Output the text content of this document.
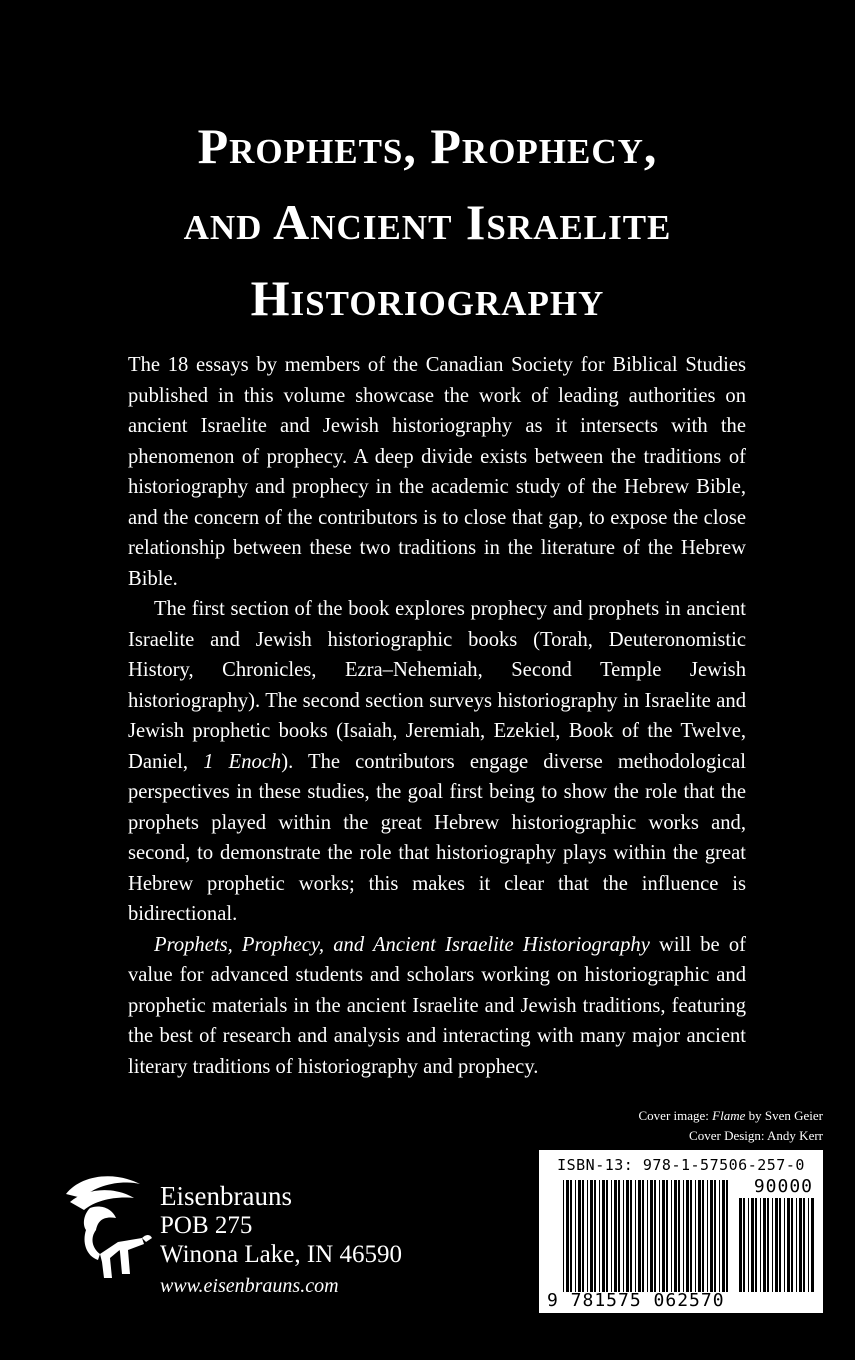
Prophets, Prophecy,
and Ancient Israelite
Historiography

The 18 essays by members of the Canadian Society for Biblical Studies published in this volume showcase the work of leading authorities on ancient Israelite and Jewish historiography as it intersects with the phenomenon of prophecy. A deep divide exists between the traditions of historiography and prophecy in the academic study of the Hebrew Bible, and the concern of the contributors is to close that gap, to expose the close relationship between these two traditions in the literature of the Hebrew Bible.

The first section of the book explores prophecy and prophets in ancient Israelite and Jewish historiographic books (Torah, Deuteronomistic History, Chronicles, Ezra–Nehemiah, Second Temple Jewish historiography). The second section surveys historiography in Israelite and Jewish prophetic books (Isaiah, Jeremiah, Ezekiel, Book of the Twelve, Daniel, 1 Enoch). The contributors engage diverse methodological perspectives in these studies, the goal first being to show the role that the prophets played within the great Hebrew historiographic works and, second, to demonstrate the role that historiography plays within the great Hebrew prophetic works; this makes it clear that the influence is bidirectional.

Prophets, Prophecy, and Ancient Israelite Historiography will be of value for advanced students and scholars working on historiographic and prophetic materials in the ancient Israelite and Jewish traditions, featuring the best of research and analysis and interacting with many major ancient literary traditions of historiography and prophecy.

Cover image: Flame by Sven Geier
Cover Design: Andy Kerr
Eisenbrauns
POB 275
Winona Lake, IN 46590
www.eisenbrauns.com
ISBN-13: 978-1-57506-257-0
90000
9 781575 062570
